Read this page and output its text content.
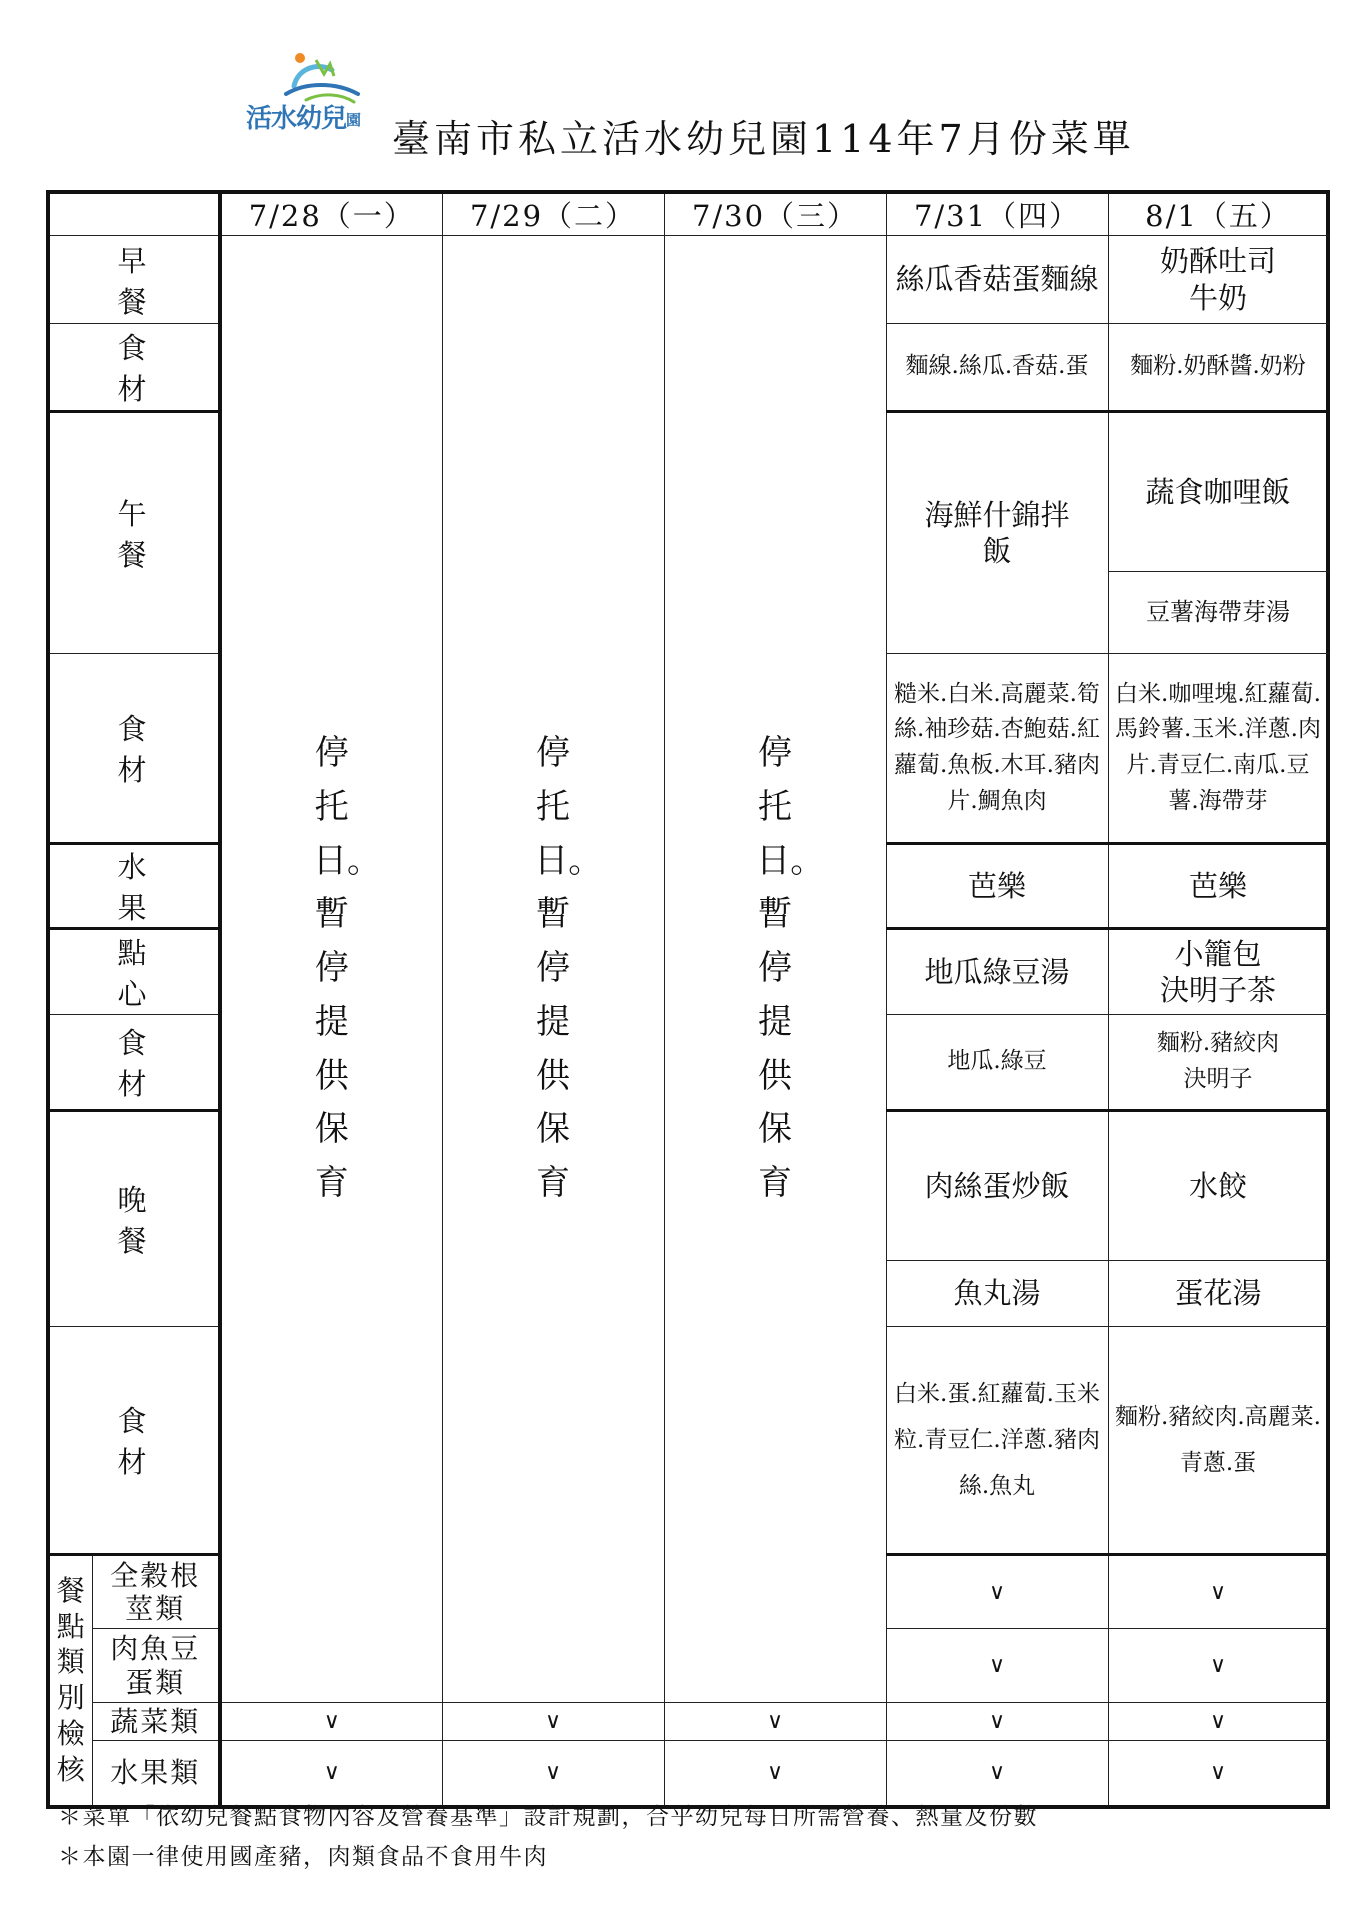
活水幼兒園 臺南市私立活水幼兒園114年7月份菜單
		7/28（一）	7/29（二）	7/30（三）	7/31（四）	8/1（五）	
早 餐		停托日。暫停提供保育	停托日。暫停提供保育	停托日。暫停提供保育	絲瓜香菇蛋麵線	奶酥吐司
牛奶	

食 材					麵線.絲瓜.香菇.蛋	麵粉.奶酥醬.奶粉	
午 餐					海鮮什錦拌飯	蔬食咖哩飯	
						豆薯海帶芽湯	
食 材					糙米.白米.高麗菜.筍絲.袖珍菇.杏鮑菇.紅蘿蔔.魚板.木耳.豬肉片.鯛魚肉	白米.咖哩塊.紅蘿蔔.馬鈴薯.玉米.洋蔥.肉片.青豆仁.南瓜.豆薯.海帶芽	
水 果					芭樂	芭樂	
點 心					地瓜綠豆湯	小籠包
決明子茶	

食 材					地瓜.綠豆	麵粉.豬絞肉
決明子	

晚 餐					肉絲蛋炒飯	水餃	
					魚丸湯	蛋花湯	
食 材					白米.蛋.紅蘿蔔.玉米粒.青豆仁.洋蔥.豬肉絲.魚丸	麵粉.豬絞肉.高麗菜.青蔥.蛋	
餐點類別檢核	全穀根莖類				∨	∨			
	肉魚豆蛋類				∨	∨			
	蔬菜類	∨	∨	∨	∨	∨	
	水果類	∨	∨	∨	∨	∨	
＊菜單「依幼兒餐點食物內容及營養基準」設計規劃，合乎幼兒每日所需營養、熱量及份數
＊本園一律使用國產豬，肉類食品不食用牛肉
